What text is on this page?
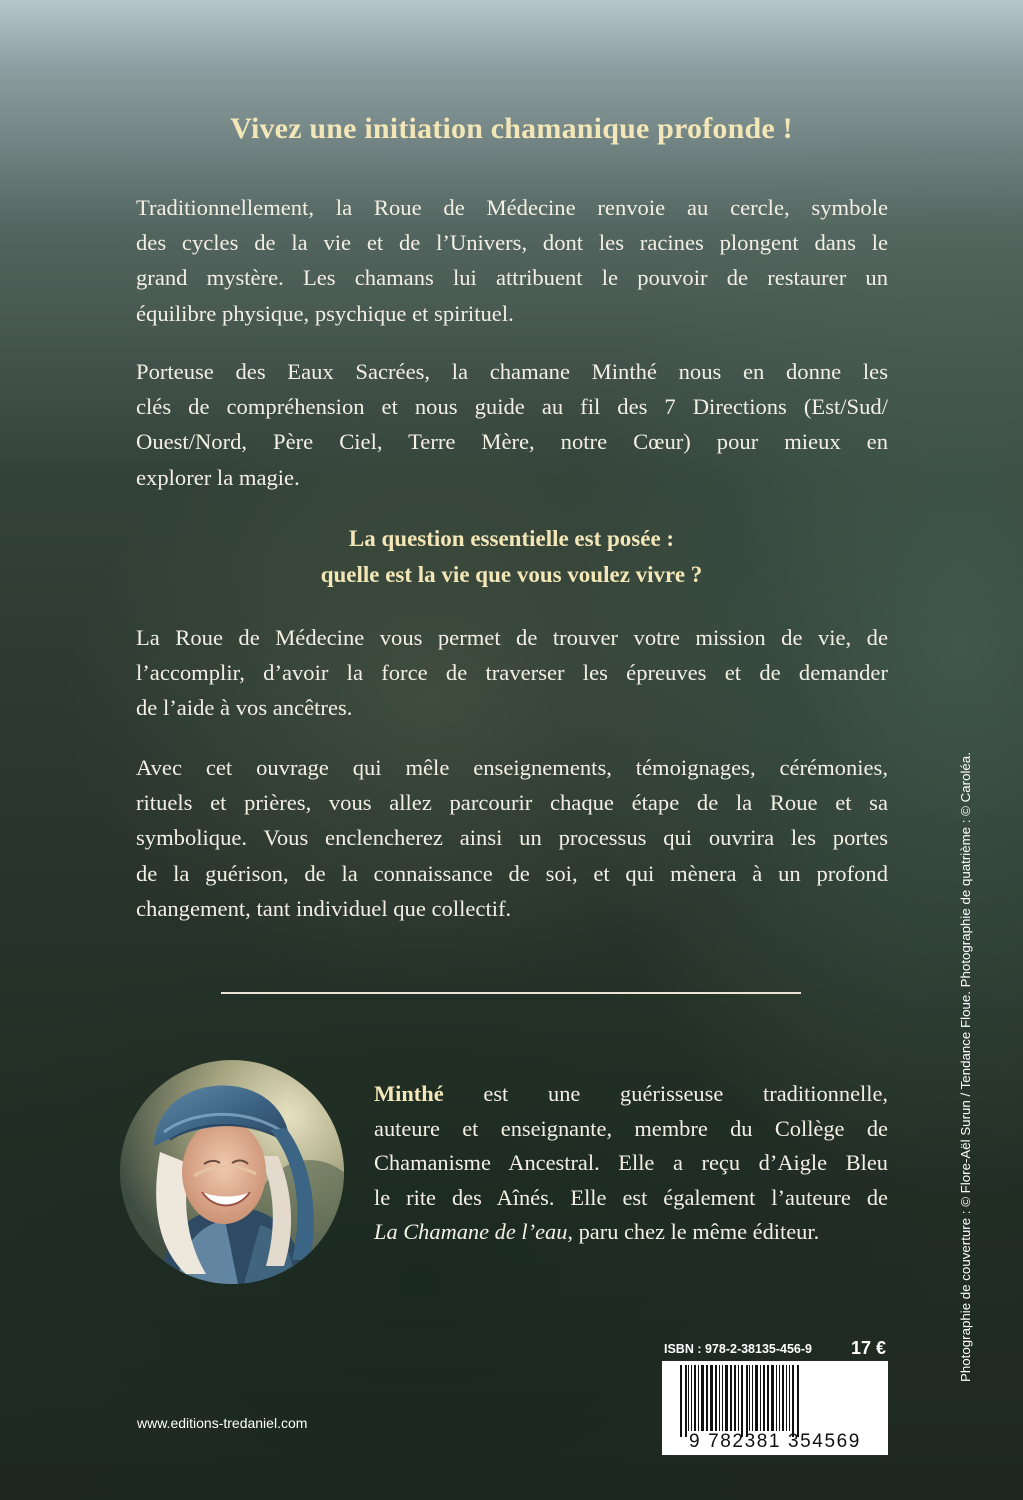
Vivez une initiation chamanique profonde !
Traditionnellement, la Roue de Médecine renvoie au cercle, symbole
des cycles de la vie et de l’Univers, dont les racines plongent dans le
grand mystère. Les chamans lui attribuent le pouvoir de restaurer un
équilibre physique, psychique et spirituel.
Porteuse des Eaux Sacrées, la chamane Minthé nous en donne les
clés de compréhension et nous guide au fil des 7 Directions (Est/Sud/
Ouest/Nord, Père Ciel, Terre Mère, notre Cœur) pour mieux en
explorer la magie.
La question essentielle est posée :
quelle est la vie que vous voulez vivre ?
La Roue de Médecine vous permet de trouver votre mission de vie, de
l’accomplir, d’avoir la force de traverser les épreuves et de demander
de l’aide à vos ancêtres.
Avec cet ouvrage qui mêle enseignements, témoignages, cérémonies,
rituels et prières, vous allez parcourir chaque étape de la Roue et sa
symbolique. Vous enclencherez ainsi un processus qui ouvrira les portes
de la guérison, de la connaissance de soi, et qui mènera à un profond
changement, tant individuel que collectif.
Minthé est une guérisseuse traditionnelle,
auteure et enseignante, membre du Collège de
Chamanisme Ancestral. Elle a reçu d’Aigle Bleu
le rite des Aînés. Elle est également l’auteure de
La Chamane de l’eau, paru chez le même éditeur.
ISBN : 978-2-38135-456-9 17 €
9 782381 354569
www.editions-tredaniel.com
Photographie de couverture : © Flore-Aël Surun / Tendance Floue. Photographie de quatrième : © Caroléa.
